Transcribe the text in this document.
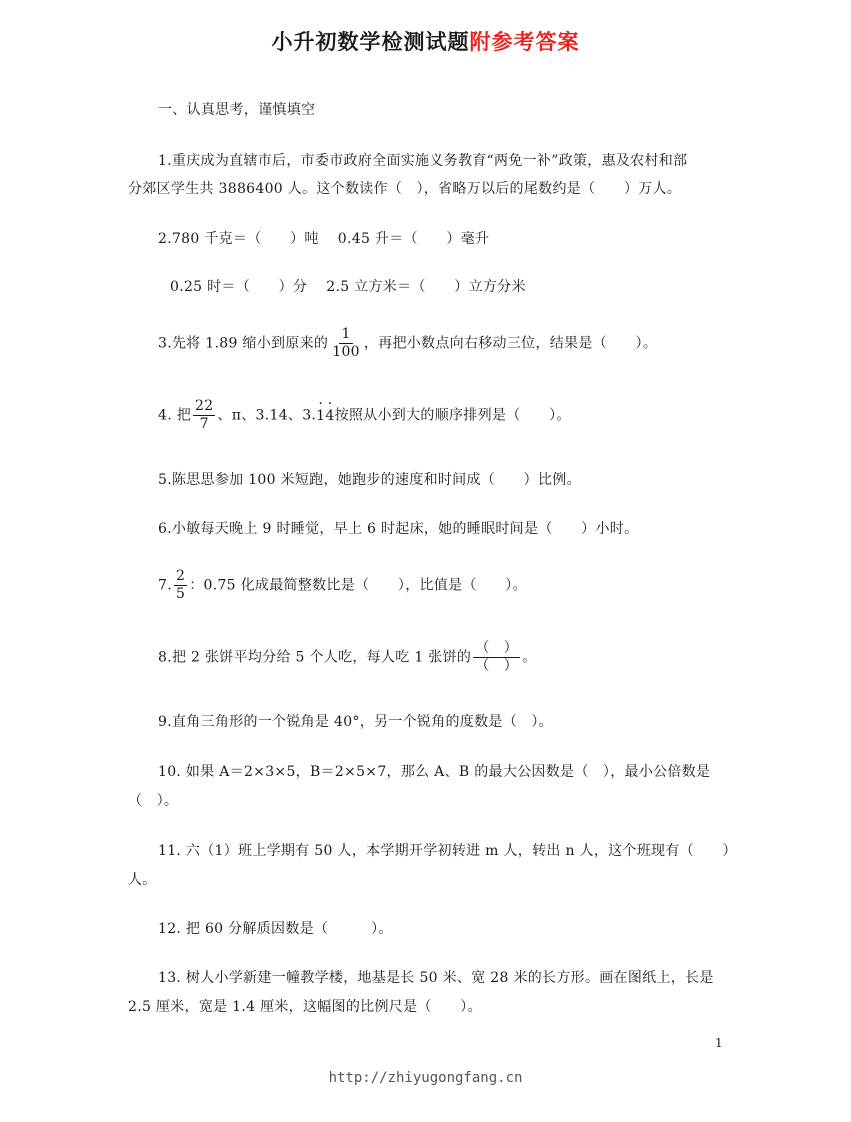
小升初数学检测试题附参考答案
一、认真思考，谨慎填空
1.重庆成为直辖市后，市委市政府全面实施义务教育“两免一补”政策，惠及农村和部
分郊区学生共 3886400 人。这个数读作（　），省略万以后的尾数约是（　　）万人。
2.780 千克＝（　　）吨　 0.45 升＝（　　）毫升
0.25 时＝（　　）分　 2.5 立方米＝（　　）立方分米
3.先将 1.89 缩小到原来的 $\frac{1}{100}$ ，再把小数点向右移动三位，结果是（　　）。
4. 把 $\frac{22}{7}$ 、π、3.14、3.· 1· 4按照从小到大的顺序排列是（　　）。
5.陈思思参加 100 米短跑，她跑步的速度和时间成（　　）比例。
6.小敏每天晚上 9 时睡觉，早上 6 时起床，她的睡眠时间是（　　）小时。
7. $\frac{2}{5}$ ：0.75 化成最简整数比是（　　），比值是（　　）。
8.把 2 张饼平均分给 5 个人吃，每人吃 1 张饼的 $\frac{( )}{( )}$ 。
9.直角三角形的一个锐角是 40°，另一个锐角的度数是（　）。
10. 如果 A＝2×3×5，B＝2×5×7，那么 A、B 的最大公因数是（　），最小公倍数是
（　）。
11. 六（1）班上学期有 50 人，本学期开学初转进 m 人，转出 n 人，这个班现有（　　）
人。
12. 把 60 分解质因数是（　　　）。
13. 树人小学新建一幢教学楼，地基是长 50 米、宽 28 米的长方形。画在图纸上，长是
2.5 厘米，宽是 1.4 厘米，这幅图的比例尺是（　　）。
1
http://zhiyugongfang.cn
